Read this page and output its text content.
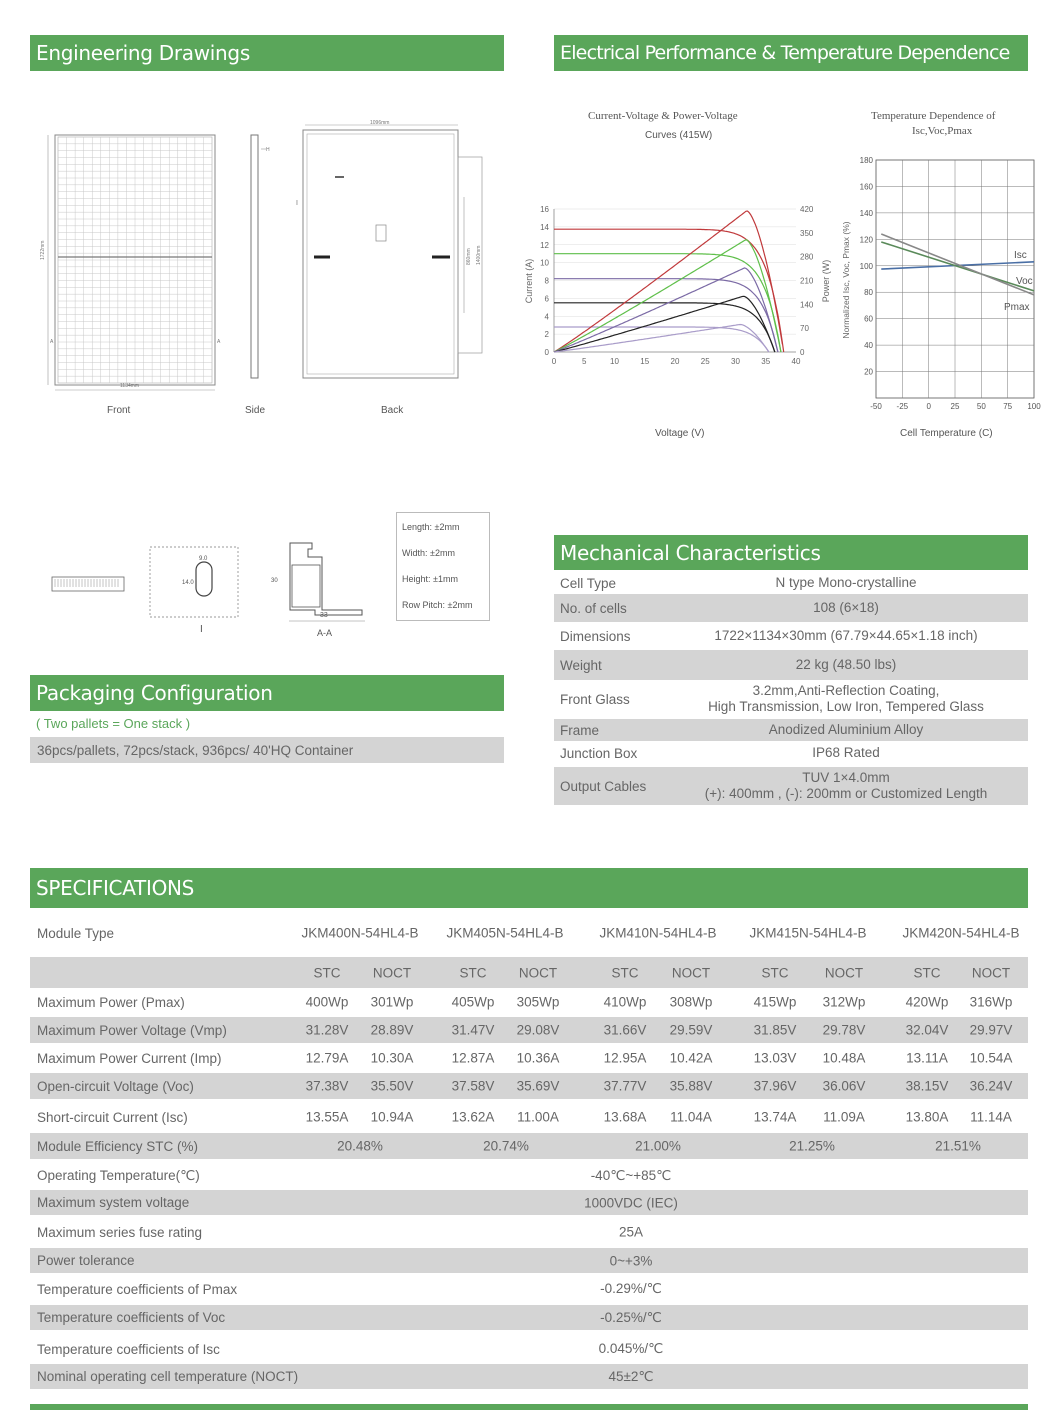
Engineering Drawings	Electrical Performance & Temperature Dependence
1722mm
1134mm
A	A
H
1096mm
860mm 1400mm
I
Front	Side	Back
Current-Voltage & Power-Voltage
Curves (415W)
0
2
4
6
8
10
12
14
16
0	5	10	15	20	25	30	35	40
0
70
140
210
280
350
420
Current (A)	Power (W)
Voltage (V)
Temperature Dependence of
Isc,Voc,Pmax
20
40
60
80
100
120
140
160
180
-50 -25 0 25 50 75 100
Normalized Isc, Voc, Pmax (%)	Isc
Voc
Pmax
Cell Temperature (C)
I	A-A
9.0
14.0	30
33
Length: ±2mm
Width: ±2mm
Height: ±1mm
Row Pitch: ±2mm
Packaging Configuration
( Two pallets = One stack )
36pcs/pallets, 72pcs/stack, 936pcs/ 40'HQ Container
Mechanical Characteristics
Cell Type	N type Mono-crystalline
No. of cells	108 (6×18)
Dimensions	1722×1134×30mm (67.79×44.65×1.18 inch)
Weight	22 kg (48.50 lbs)
Front Glass
3.2mm,Anti-Reflection Coating,
High Transmission, Low Iron, Tempered Glass
Frame	Anodized Aluminium Alloy
Junction Box	IP68 Rated
Output Cables
TUV 1×4.0mm
(+): 400mm , (-): 200mm or Customized Length
SPECIFICATIONS
Module Type	JKM400N-54HL4-B JKM405N-54HL4-B	JKM410N-54HL4-B JKM415N-54HL4-B	JKM420N-54HL4-B
STC NOCT	STC NOCT	STC NOCT	STC	NOCT	STC NOCT
Maximum Power (Pmax)	400Wp 301Wp	405Wp 305Wp	410Wp 308Wp	415Wp 312Wp	420Wp 316Wp
Maximum Power Voltage (Vmp)	31.28V 28.89V	31.47V 29.08V	31.66V 29.59V	31.85V 29.78V	32.04V 29.97V
Maximum Power Current (Imp)	12.79A 10.30A	12.87A 10.36A	12.95A 10.42A	13.03V 10.48A	13.11A 10.54A
Open-circuit Voltage (Voc)	37.38V 35.50V	37.58V 35.69V	37.77V 35.88V	37.96V 36.06V	38.15V 36.24V
Short-circuit Current (Isc)	13.55A 10.94A	13.62A 11.00A	13.68A 11.04A	13.74A 11.09A	13.80A 11.14A
Module Efficiency STC (%)	20.48%	20.74%	21.00%	21.25%	21.51%
Operating Temperature(℃)	-40℃~+85℃
Maximum system voltage	1000VDC (IEC)
Maximum series fuse rating	25A
Power tolerance	0~+3%
Temperature coefficients of Pmax	-0.29%/℃
Temperature coefficients of Voc	-0.25%/℃
Temperature coefficients of Isc	0.045%/℃
Nominal operating cell temperature (NOCT)	45±2℃
